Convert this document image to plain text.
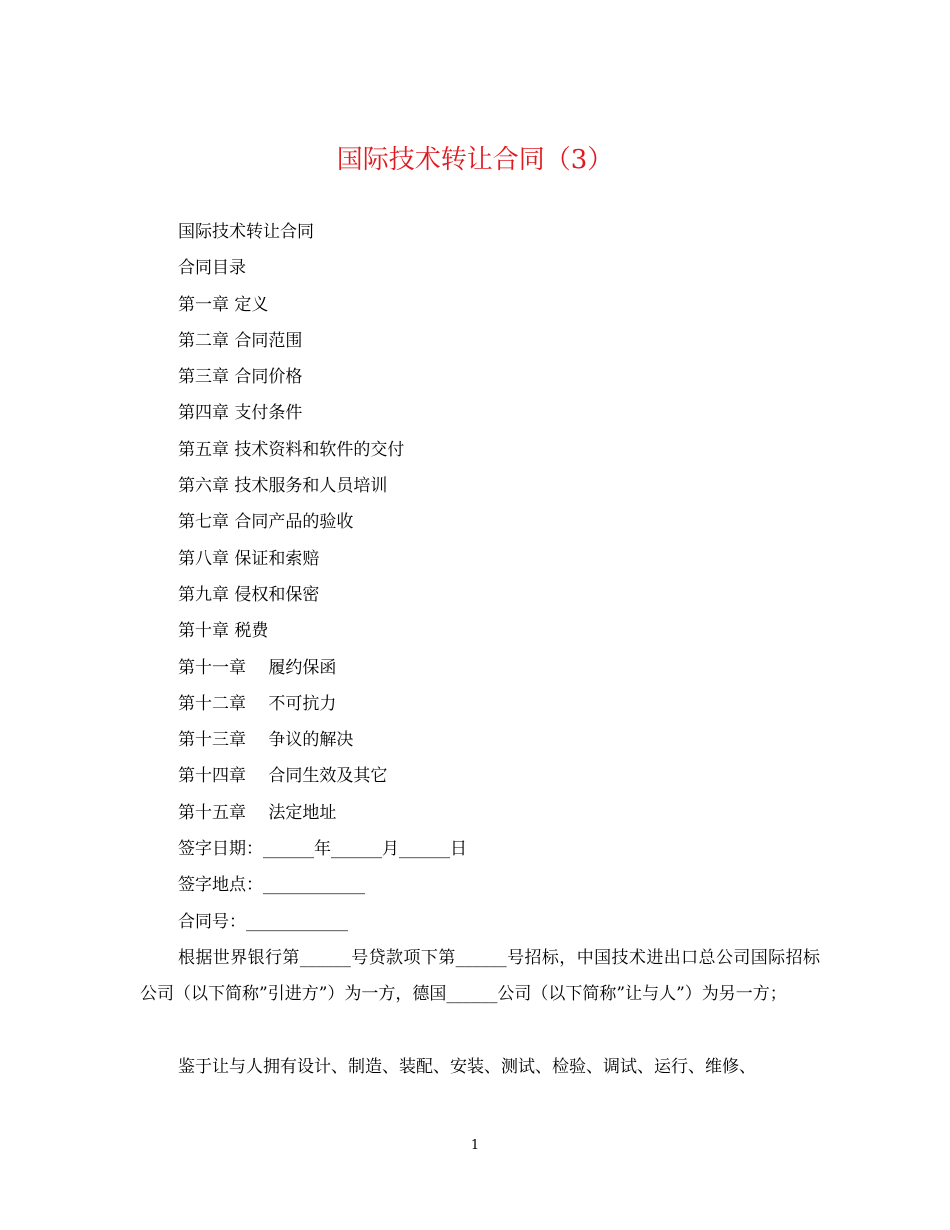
国际技术转让合同（3）
国际技术转让合同
合同目录
第一章 定义
第二章 合同范围
第三章 合同价格
第四章 支付条件
第五章 技术资料和软件的交付
第六章 技术服务和人员培训
第七章 合同产品的验收
第八章 保证和索赔
第九章 侵权和保密
第十章 税费
第十一章　 履约保函
第十二章　 不可抗力
第十三章　 争议的解决
第十四章　 合同生效及其它
第十五章　 法定地址
签字日期：______年______月______日
签字地点：____________
合同号：____________
根据世界银行第______号贷款项下第______号招标，中国技术进出口总公司国际招标公司（以下简称”引进方”）为一方，德国______公司（以下简称”让与人”）为另一方；
鉴于让与人拥有设计、制造、装配、安装、测试、检验、调试、运行、维修、
1
